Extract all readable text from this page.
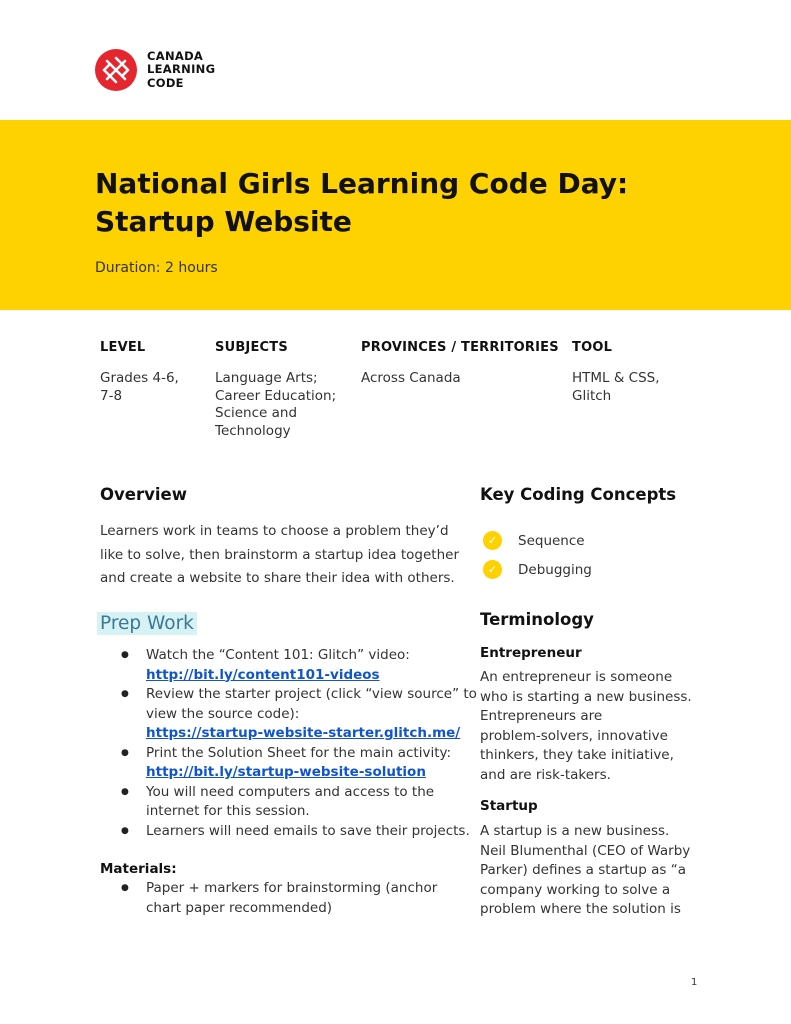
CANADA
LEARNING
CODE
National Girls Learning Code Day:
Startup Website
Duration: 2 hours
LEVEL
Grades 4-6,
7-8
SUBJECTS
Language Arts;
Career Education;
Science and
Technology
PROVINCES / TERRITORIES
Across Canada
TOOL
HTML & CSS,
Glitch
Overview
Learners work in teams to choose a problem they’d
like to solve, then brainstorm a startup idea together
and create a website to share their idea with others.
Prep Work
● Watch the “Content 101: Glitch” video:
http://bit.ly/content101-videos
● Review the starter project (click “view source” to
view the source code):
https://startup-website-starter.glitch.me/
● Print the Solution Sheet for the main activity:
http://bit.ly/startup-website-solution
● You will need computers and access to the
internet for this session.
● Learners will need emails to save their projects.
Materials:
● Paper + markers for brainstorming (anchor
chart paper recommended)
Key Coding Concepts
✓	Sequence
✓	Debugging
Terminology
Entrepreneur
An entrepreneur is someone
who is starting a new business.
Entrepreneurs are
problem-solvers, innovative
thinkers, they take initiative,
and are risk-takers.
Startup
A startup is a new business.
Neil Blumenthal (CEO of Warby
Parker) defines a startup as “a
company working to solve a
problem where the solution is
1
